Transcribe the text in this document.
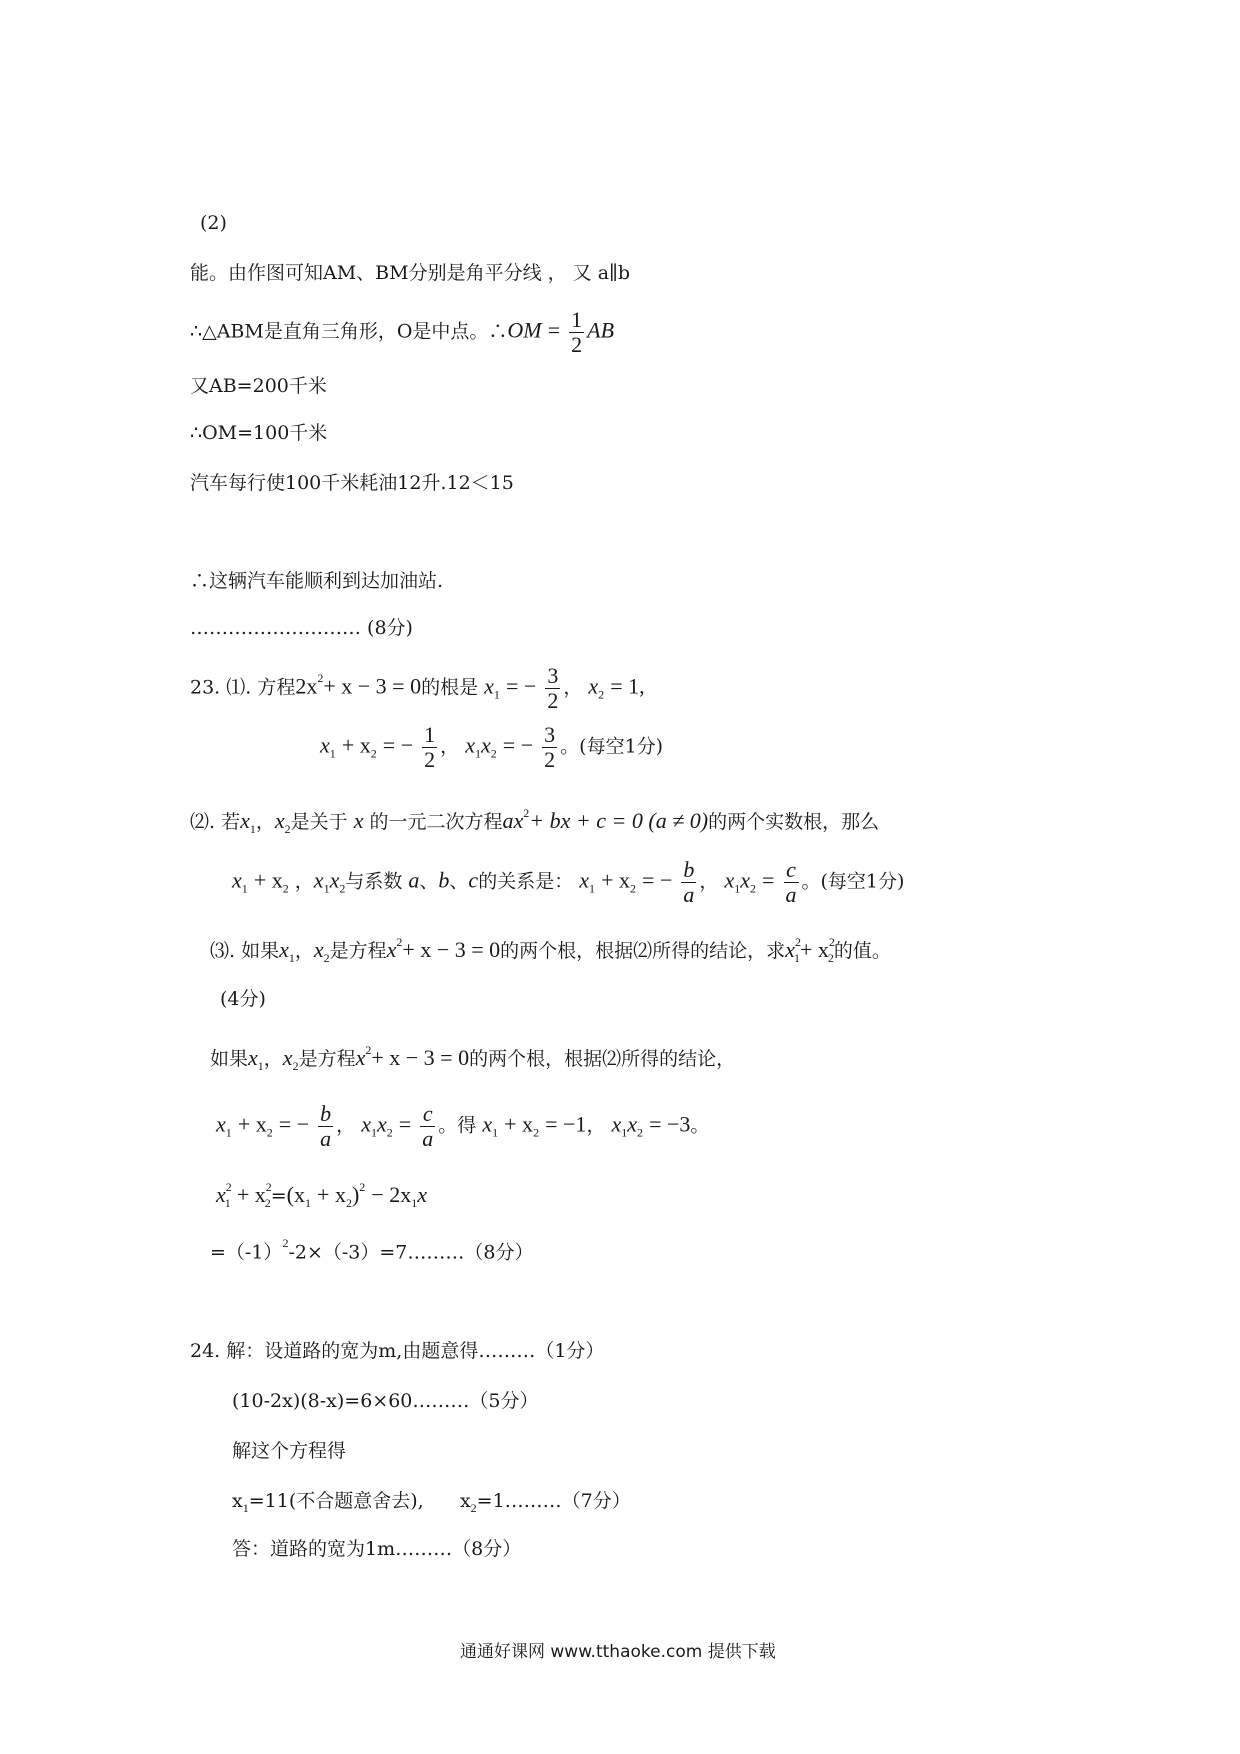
(2)
能。由作图可知AM、BM分别是角平分线 ， 又 a∥b
∴△ABM是直角三角形，O是中点。∴OM = $\frac{1}{2}$ AB
又AB=200千米
∴OM=100千米
汽车每行使100千米耗油12升.12＜15
∴这辆汽车能顺利到达加油站.
……………………… (8分)
23. ⑴. 方程$2x^2+ x - 3 = 0$的根是 $x_1$ = − $\frac{3}{2}$ ， $x_2 = 1$,
$x_1 + x_2$ = − $\frac{1}{2}$ ， $x_1x_2$ = − $\frac{3}{2}$ 。(每空1分)
⑵. 若$x_1$，$x_2$是关于 x 的一元二次方程$ax^2+$ bx + c = 0 (a ≠ 0)的两个实数根，那么
$x_1 + x_2$ ，$x_1x_2$与系数 a、b、c的关系是： $x_1 + x_2$ = − $\frac{b}{a}$ ， $x_1x_2 = \frac{c}{a}$ 。(每空1分)
⑶. 如果$x_1$，$x_2$是方程$x^2+ x - 3 = 0$的两个根，根据⑵所得的结论，求$x^2_1+ x^2_2$的值。
(4分)
如果$x_1$，$x_2$是方程$x^2+ x - 3 = 0$的两个根，根据⑵所得的结论，
$x_1 + x_2$ = − $\frac{b}{a}$ ， $x_1x_2 = \frac{c}{a}$ 。得 $x_1 + x_2 = -1$， $x_1x_2 = -3$。
$x^2_1 + x^2_2=(x_1 + x_2)^2 - 2x_1x$
$=(-1)^2-2\times(-3)=7\dots\dots\dots(8$分）
24. 解：设道路的宽为m,由题意得………（1分）
(10-2x)(8-x)=6×60………（5分）
解这个方程得
$x_1=11$(不合题意舍去), $x_2=1\dots\dots\dots(7$分）
答：道路的宽为1m………（8分）
通通好课网 www.tthaoke.com 提供下载
